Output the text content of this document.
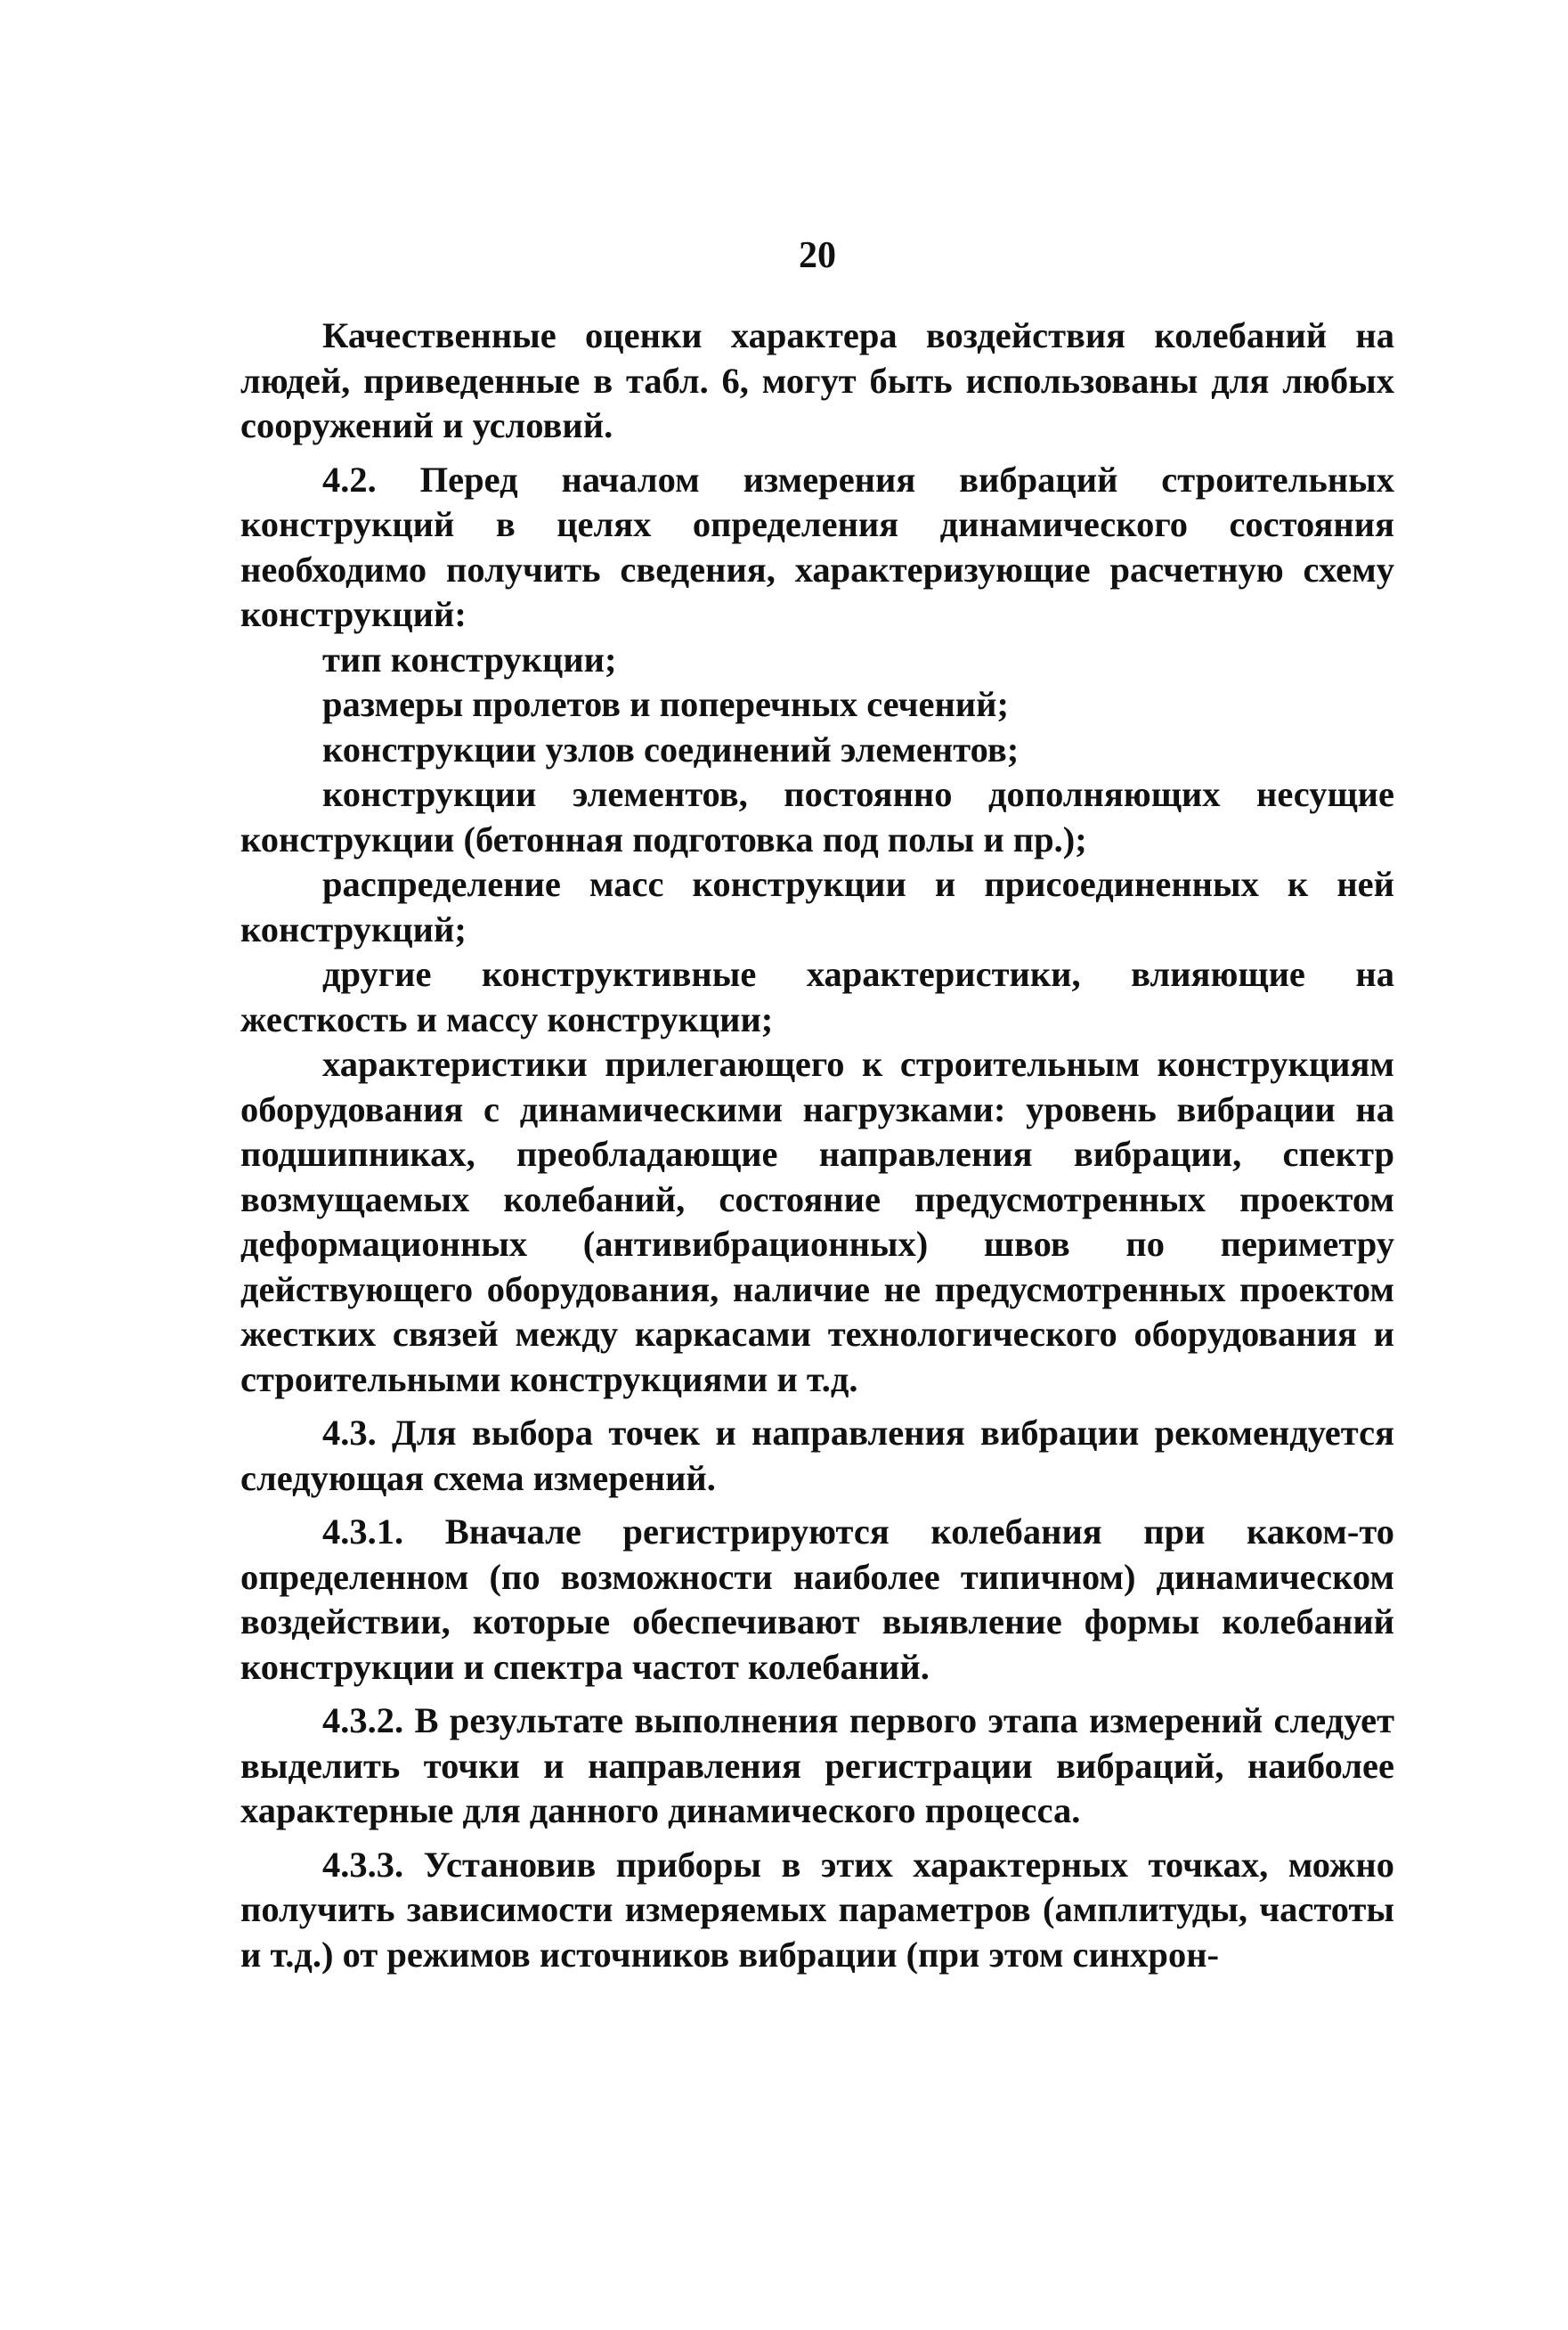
20

Качественные оценки характера воздействия колебаний на людей, приведенные в табл. 6, могут быть использованы для любых сооружений и условий.

4.2. Перед началом измерения вибраций строительных конструкций в целях определения динамического состояния необходимо получить сведения, характеризующие расчетную схему конструкций:

тип конструкции;

размеры пролетов и поперечных сечений;

конструкции узлов соединений элементов;

конструкции элементов, постоянно дополняющих несущие конструкции (бетонная подготовка под полы и пр.);

распределение масс конструкции и присоединенных к ней конструкций;

другие конструктивные характеристики, влияющие на жесткость и массу конструкции;

характеристики прилегающего к строительным конструкциям оборудования с динамическими нагрузками: уровень вибрации на подшипниках, преобладающие направления вибрации, спектр возмущаемых колебаний, состояние предусмотренных проектом деформационных (антивибрационных) швов по периметру действующего оборудования, наличие не предусмотренных проектом жестких связей между каркасами технологического оборудования и строительными конструкциями и т.д.

4.3. Для выбора точек и направления вибрации рекомендуется следующая схема измерений.

4.3.1. Вначале регистрируются колебания при каком-то определенном (по возможности наиболее типичном) динамическом воздействии, которые обеспечивают выявление формы колебаний конструкции и спектра частот колебаний.

4.3.2. В результате выполнения первого этапа измерений следует выделить точки и направления регистрации вибраций, наиболее характерные для данного динамического процесса.

4.3.3. Установив приборы в этих характерных точках, можно получить зависимости измеряемых параметров (амплитуды, частоты и т.д.) от режимов источников вибрации (при этом синхрон-
